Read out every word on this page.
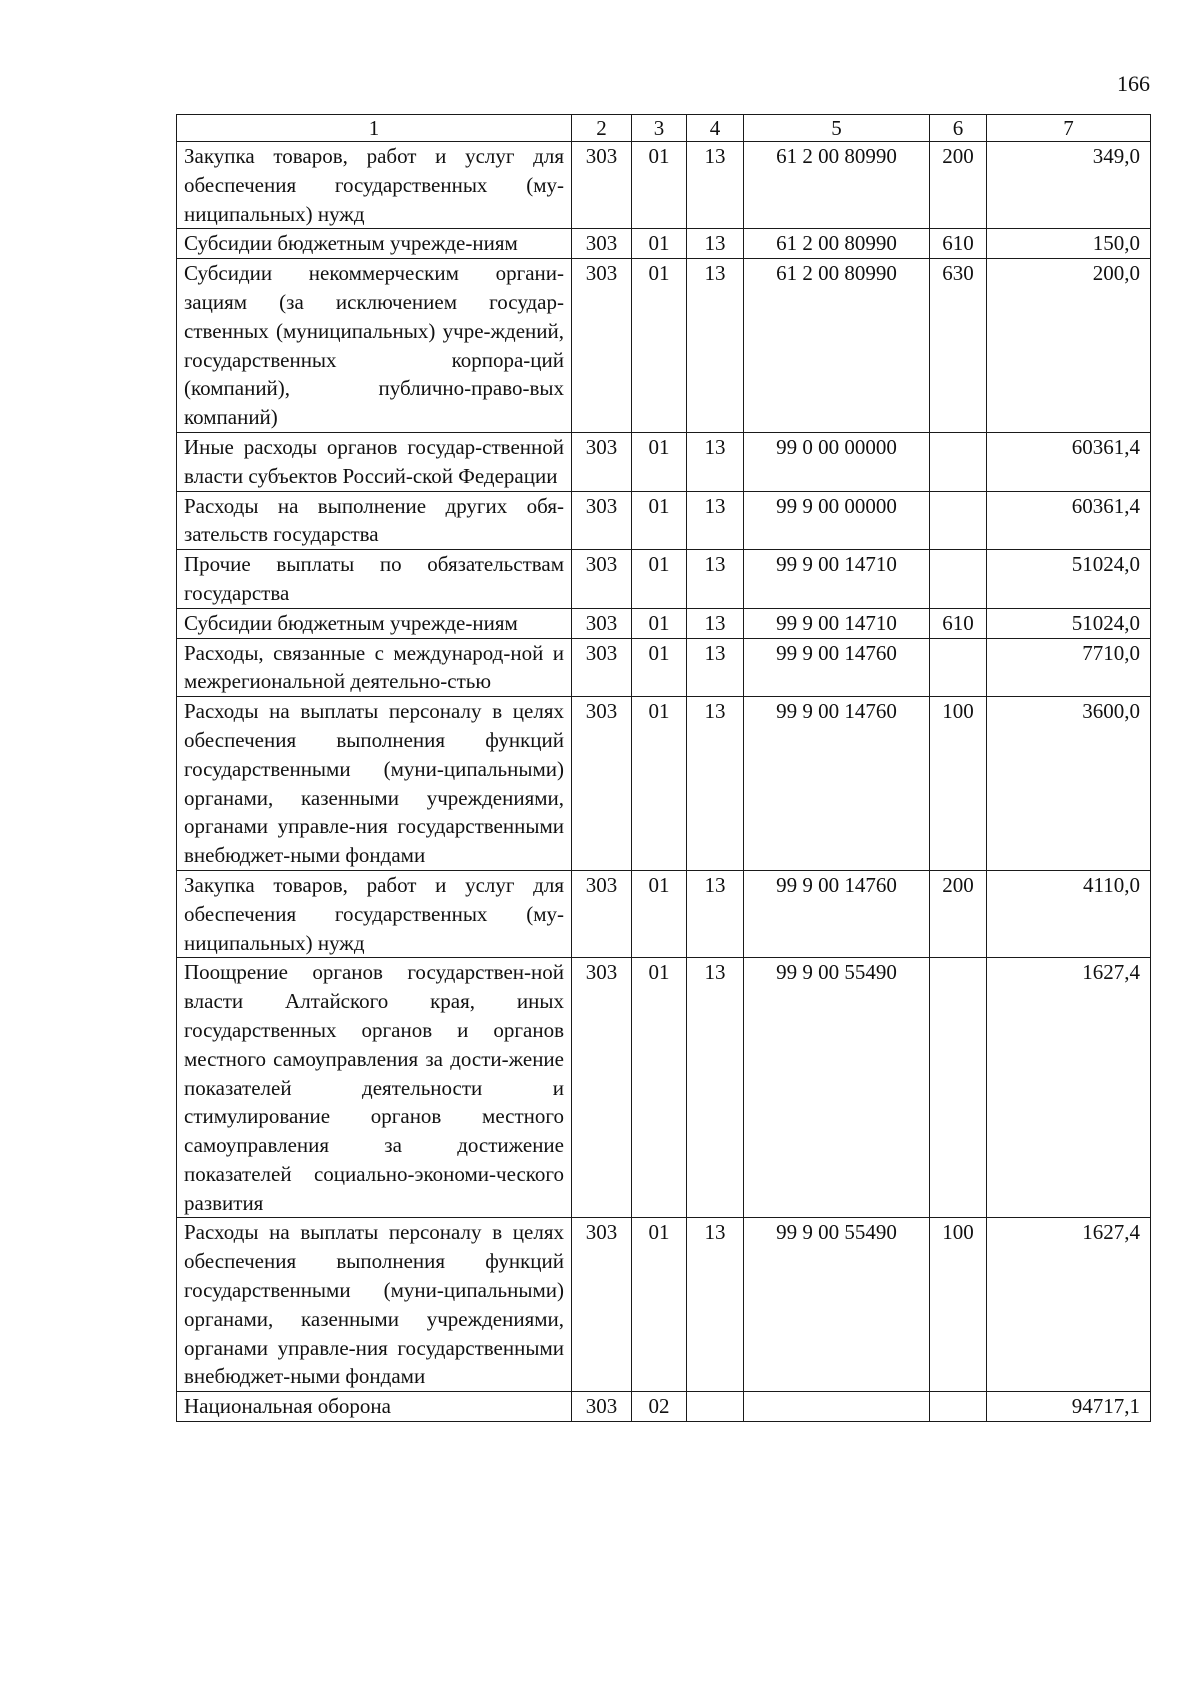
166
1	2	3	4	5	6	7
Закупка товаров, работ и услуг для обеспечения государственных (му-ниципальных) нужд	303	01	13	61 2 00 80990	200	349,0
Субсидии бюджетным учрежде-ниям	303	01	13	61 2 00 80990	610	150,0
Субсидии некоммерческим органи-зациям (за исключением государ-ственных (муниципальных) учре-ждений, государственных корпора-ций (компаний), публично-право-вых компаний)	303	01	13	61 2 00 80990	630	200,0
Иные расходы органов государ-ственной власти субъектов Россий-ской Федерации	303	01	13	99 0 00 00000		60361,4
Расходы на выполнение других обя-зательств государства	303	01	13	99 9 00 00000		60361,4
Прочие выплаты по обязательствам государства	303	01	13	99 9 00 14710		51024,0
Субсидии бюджетным учрежде-ниям	303	01	13	99 9 00 14710	610	51024,0
Расходы, связанные с международ-ной и межрегиональной деятельно-стью	303	01	13	99 9 00 14760		7710,0
Расходы на выплаты персоналу в целях обеспечения выполнения функций государственными (муни-ципальными) органами, казенными учреждениями, органами управле-ния государственными внебюджет-ными фондами	303	01	13	99 9 00 14760	100	3600,0
Закупка товаров, работ и услуг для обеспечения государственных (му-ниципальных) нужд	303	01	13	99 9 00 14760	200	4110,0
Поощрение органов государствен-ной власти Алтайского края, иных государственных органов и органов местного самоуправления за дости-жение показателей деятельности и стимулирование органов местного самоуправления за достижение показателей социально-экономи-ческого развития	303	01	13	99 9 00 55490		1627,4
Расходы на выплаты персоналу в целях обеспечения выполнения функций государственными (муни-ципальными) органами, казенными учреждениями, органами управле-ния государственными внебюджет-ными фондами	303	01	13	99 9 00 55490	100	1627,4
Национальная оборона	303	02				94717,1
